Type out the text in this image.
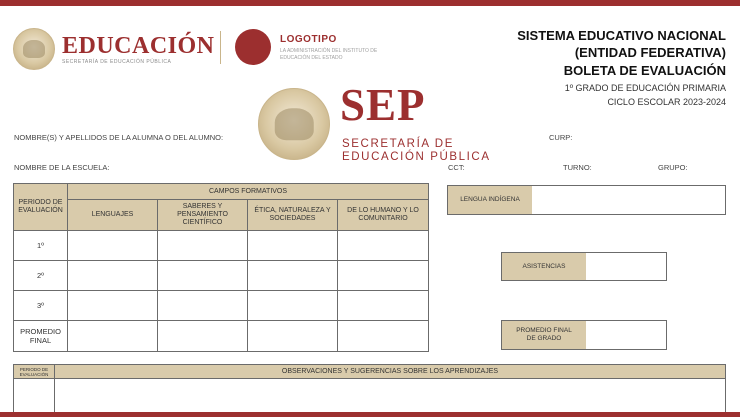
EDUCACIÓN
SECRETARÍA DE EDUCACIÓN PÚBLICA
LOGOTIPO
LA ADMINISTRACIÓN DEL INSTITUTO DE EDUCACIÓN DEL ESTADO
SEP
SECRETARÍA DE
EDUCACIÓN PÚBLICA
SISTEMA EDUCATIVO NACIONAL
(ENTIDAD FEDERATIVA)
BOLETA DE EVALUACIÓN
1º GRADO DE EDUCACIÓN PRIMARIA
CICLO ESCOLAR 2023-2024
NOMBRE(S) Y APELLIDOS DE LA ALUMNA O DEL ALUMNO:	CURP:
NOMBRE DE LA ESCUELA:	CCT:	TURNO:	GRUPO:
PERIODO DE EVALUACIÓN	CAMPOS FORMATIVOS			
	LENGUAJES	SABERES Y PENSAMIENTO CIENTÍFICO	ÉTICA, NATURALEZA Y SOCIEDADES	DE LO HUMANO Y LO COMUNITARIO
1º				
2º				
3º				
PROMEDIO FINAL				
LENGUA INDÍGENA
ASISTENCIAS
PROMEDIO FINAL DE GRADO
PERIODO DE EVALUACIÓN	OBSERVACIONES Y SUGERENCIAS SOBRE LOS APRENDIZAJES
